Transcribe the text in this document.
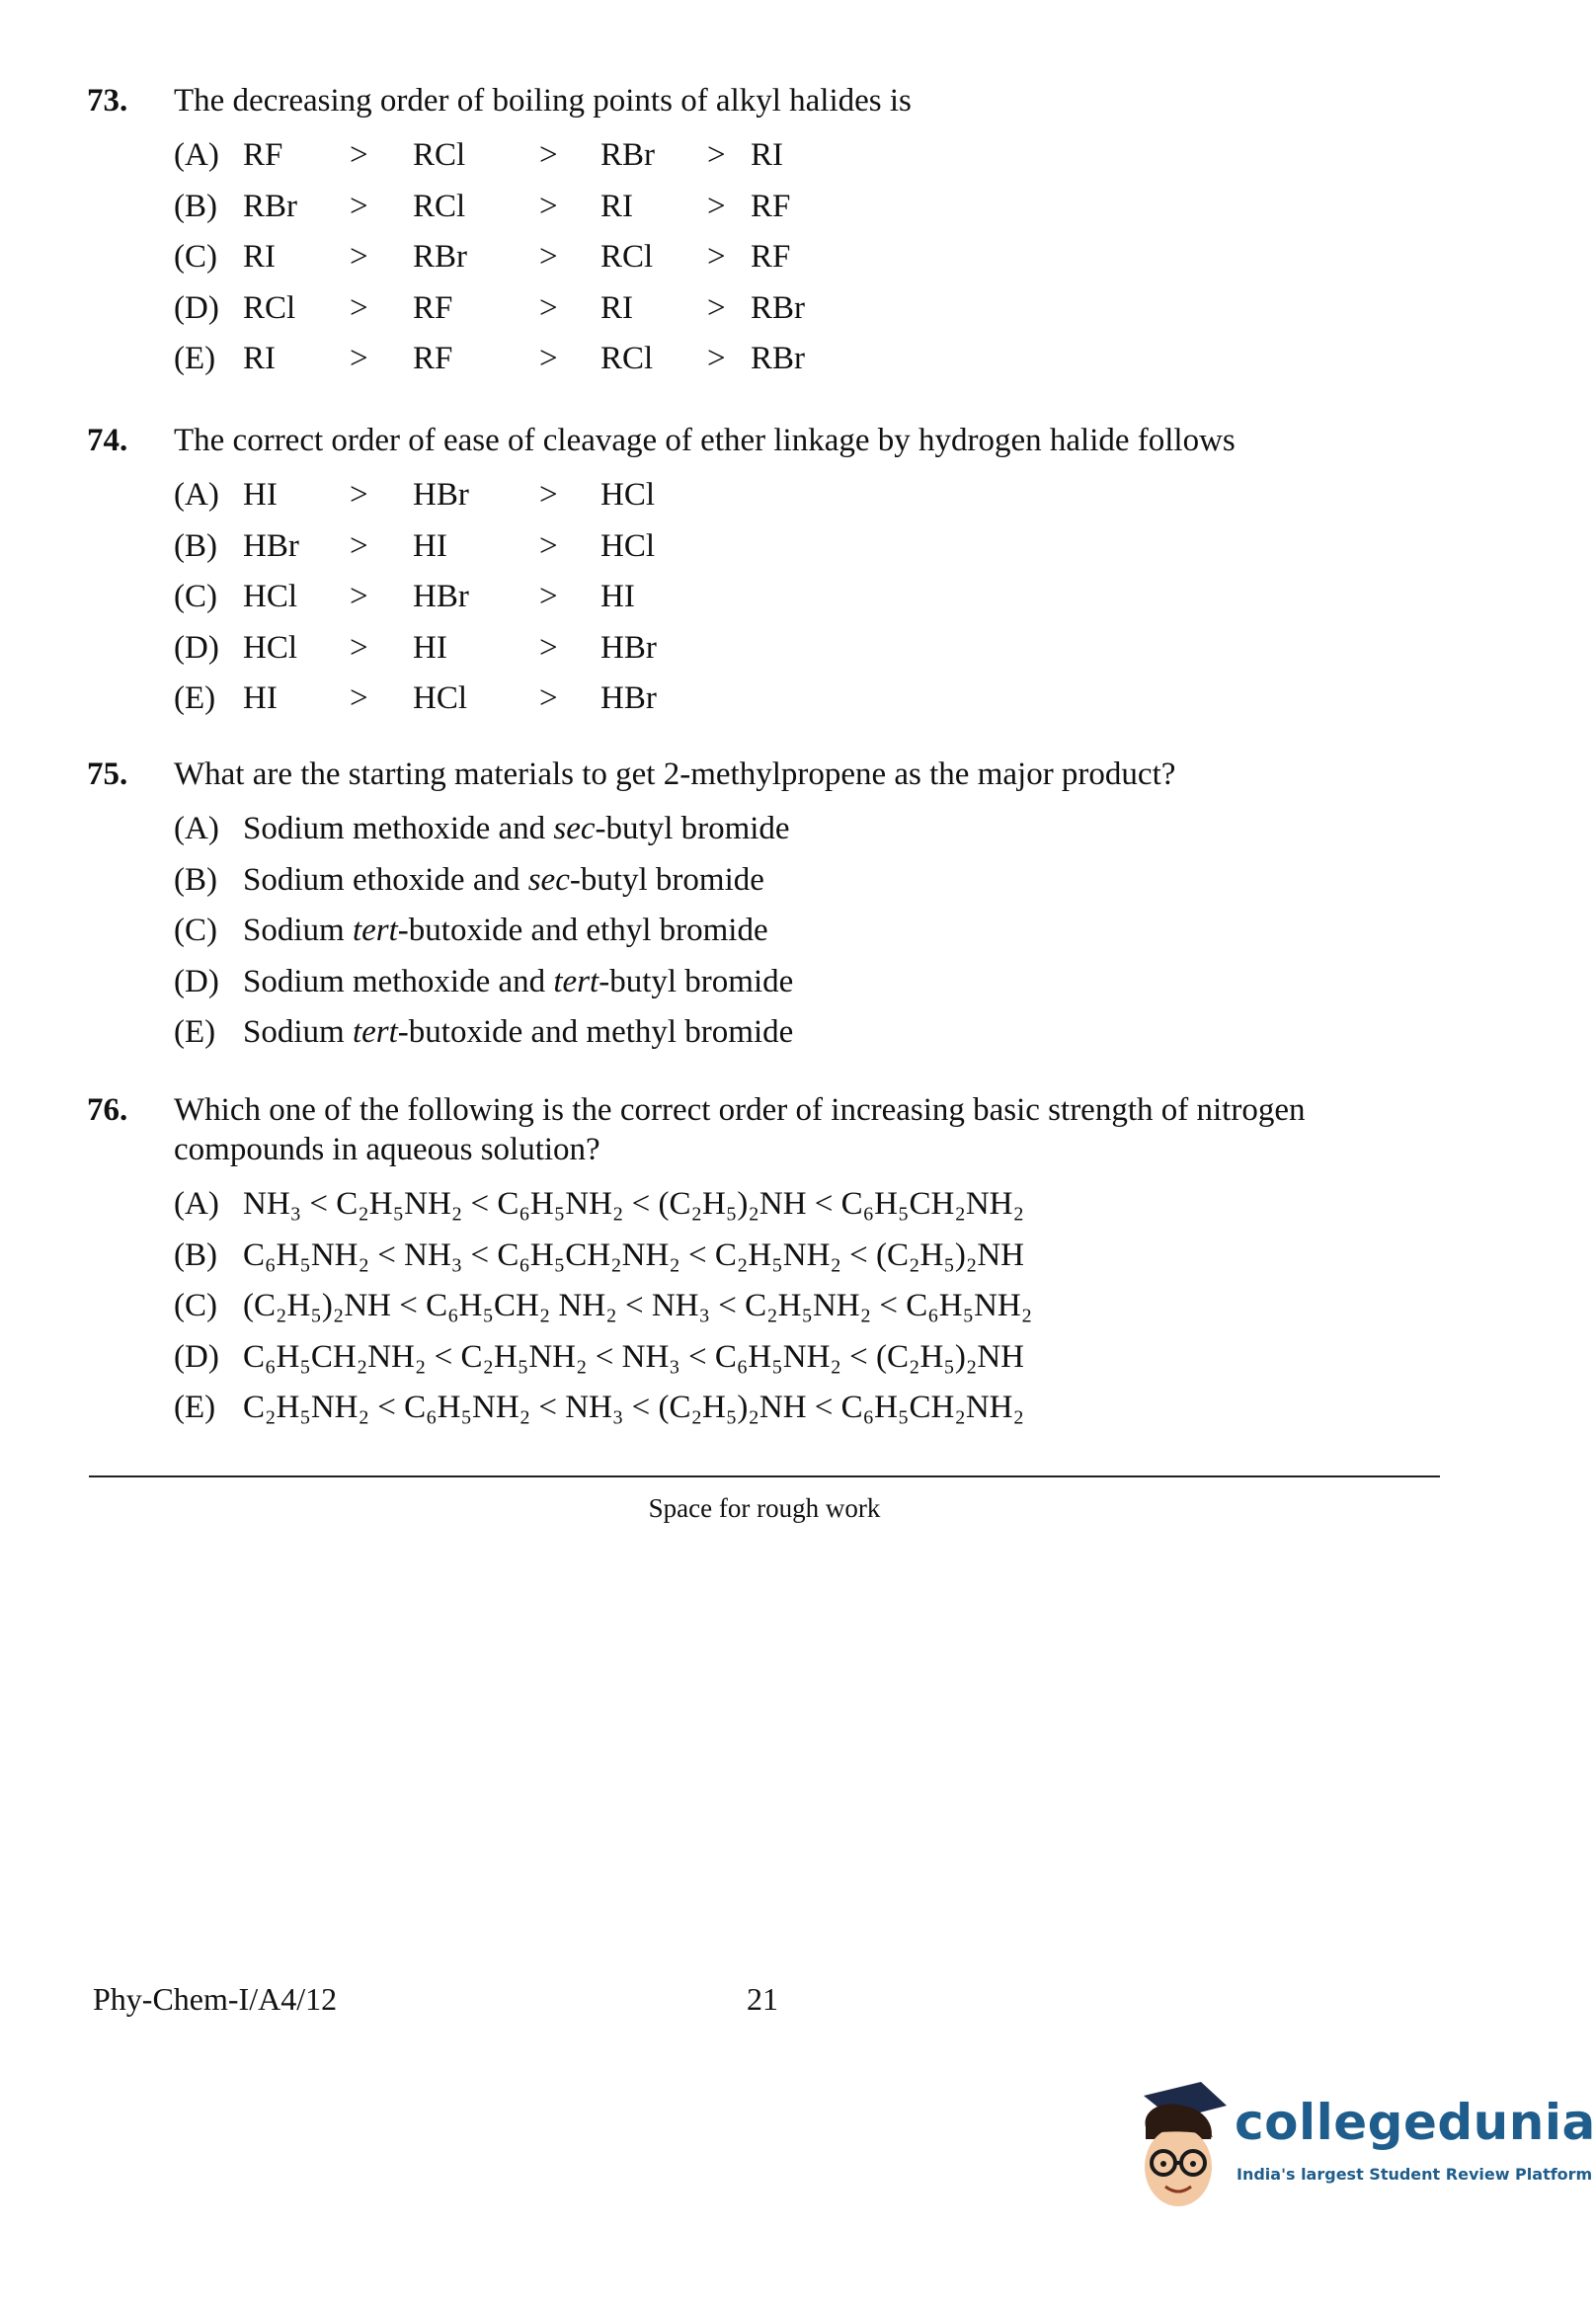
73.	The decreasing order of boiling points of alkyl halides is
(A) RF	>	RCl	>	RBr	> RI
(B) RBr	>	RCl	>	RI	> RF
(C) RI	>	RBr	>	RCl	> RF
(D) RCl	>	RF	>	RI	> RBr
(E) RI	>	RF	>	RCl	> RBr
74.	The correct order of ease of cleavage of ether linkage by hydrogen halide follows
(A) HI	>	HBr	>	HCl
(B) HBr	>	HI	>	HCl
(C) HCl	>	HBr	>	HI
(D) HCl	>	HI	>	HBr
(E) HI	>	HCl	>	HBr
75.	What are the starting materials to get 2-methylpropene as the major product?
(A) Sodium methoxide and sec-butyl bromide
(B) Sodium ethoxide and sec-butyl bromide
(C) Sodium tert-butoxide and ethyl bromide
(D) Sodium methoxide and tert-butyl bromide
(E) Sodium tert-butoxide and methyl bromide
76.	Which one of the following is the correct order of increasing basic strength of nitrogen compounds in aqueous solution?
(A) NH₃ < C₂H₅NH₂ < C₆H₅NH₂ < (C₂H₅)₂NH < C₆H₅CH₂NH₂
(B) C₆H₅NH₂ < NH₃ < C₆H₅CH₂NH₂ < C₂H₅NH₂ < (C₂H₅)₂NH
(C) (C₂H₅)₂NH < C₆H₅CH₂ NH₂ < NH₃ < C₂H₅NH₂ < C₆H₅NH₂
(D) C₆H₅CH₂NH₂ < C₂H₅NH₂ < NH₃ < C₆H₅NH₂ < (C₂H₅)₂NH
(E) C₂H₅NH₂ < C₆H₅NH₂ < NH₃ < (C₂H₅)₂NH < C₆H₅CH₂NH₂
Space for rough work
Phy-Chem-I/A4/12	21
collegedunia
India's largest Student Review Platform
